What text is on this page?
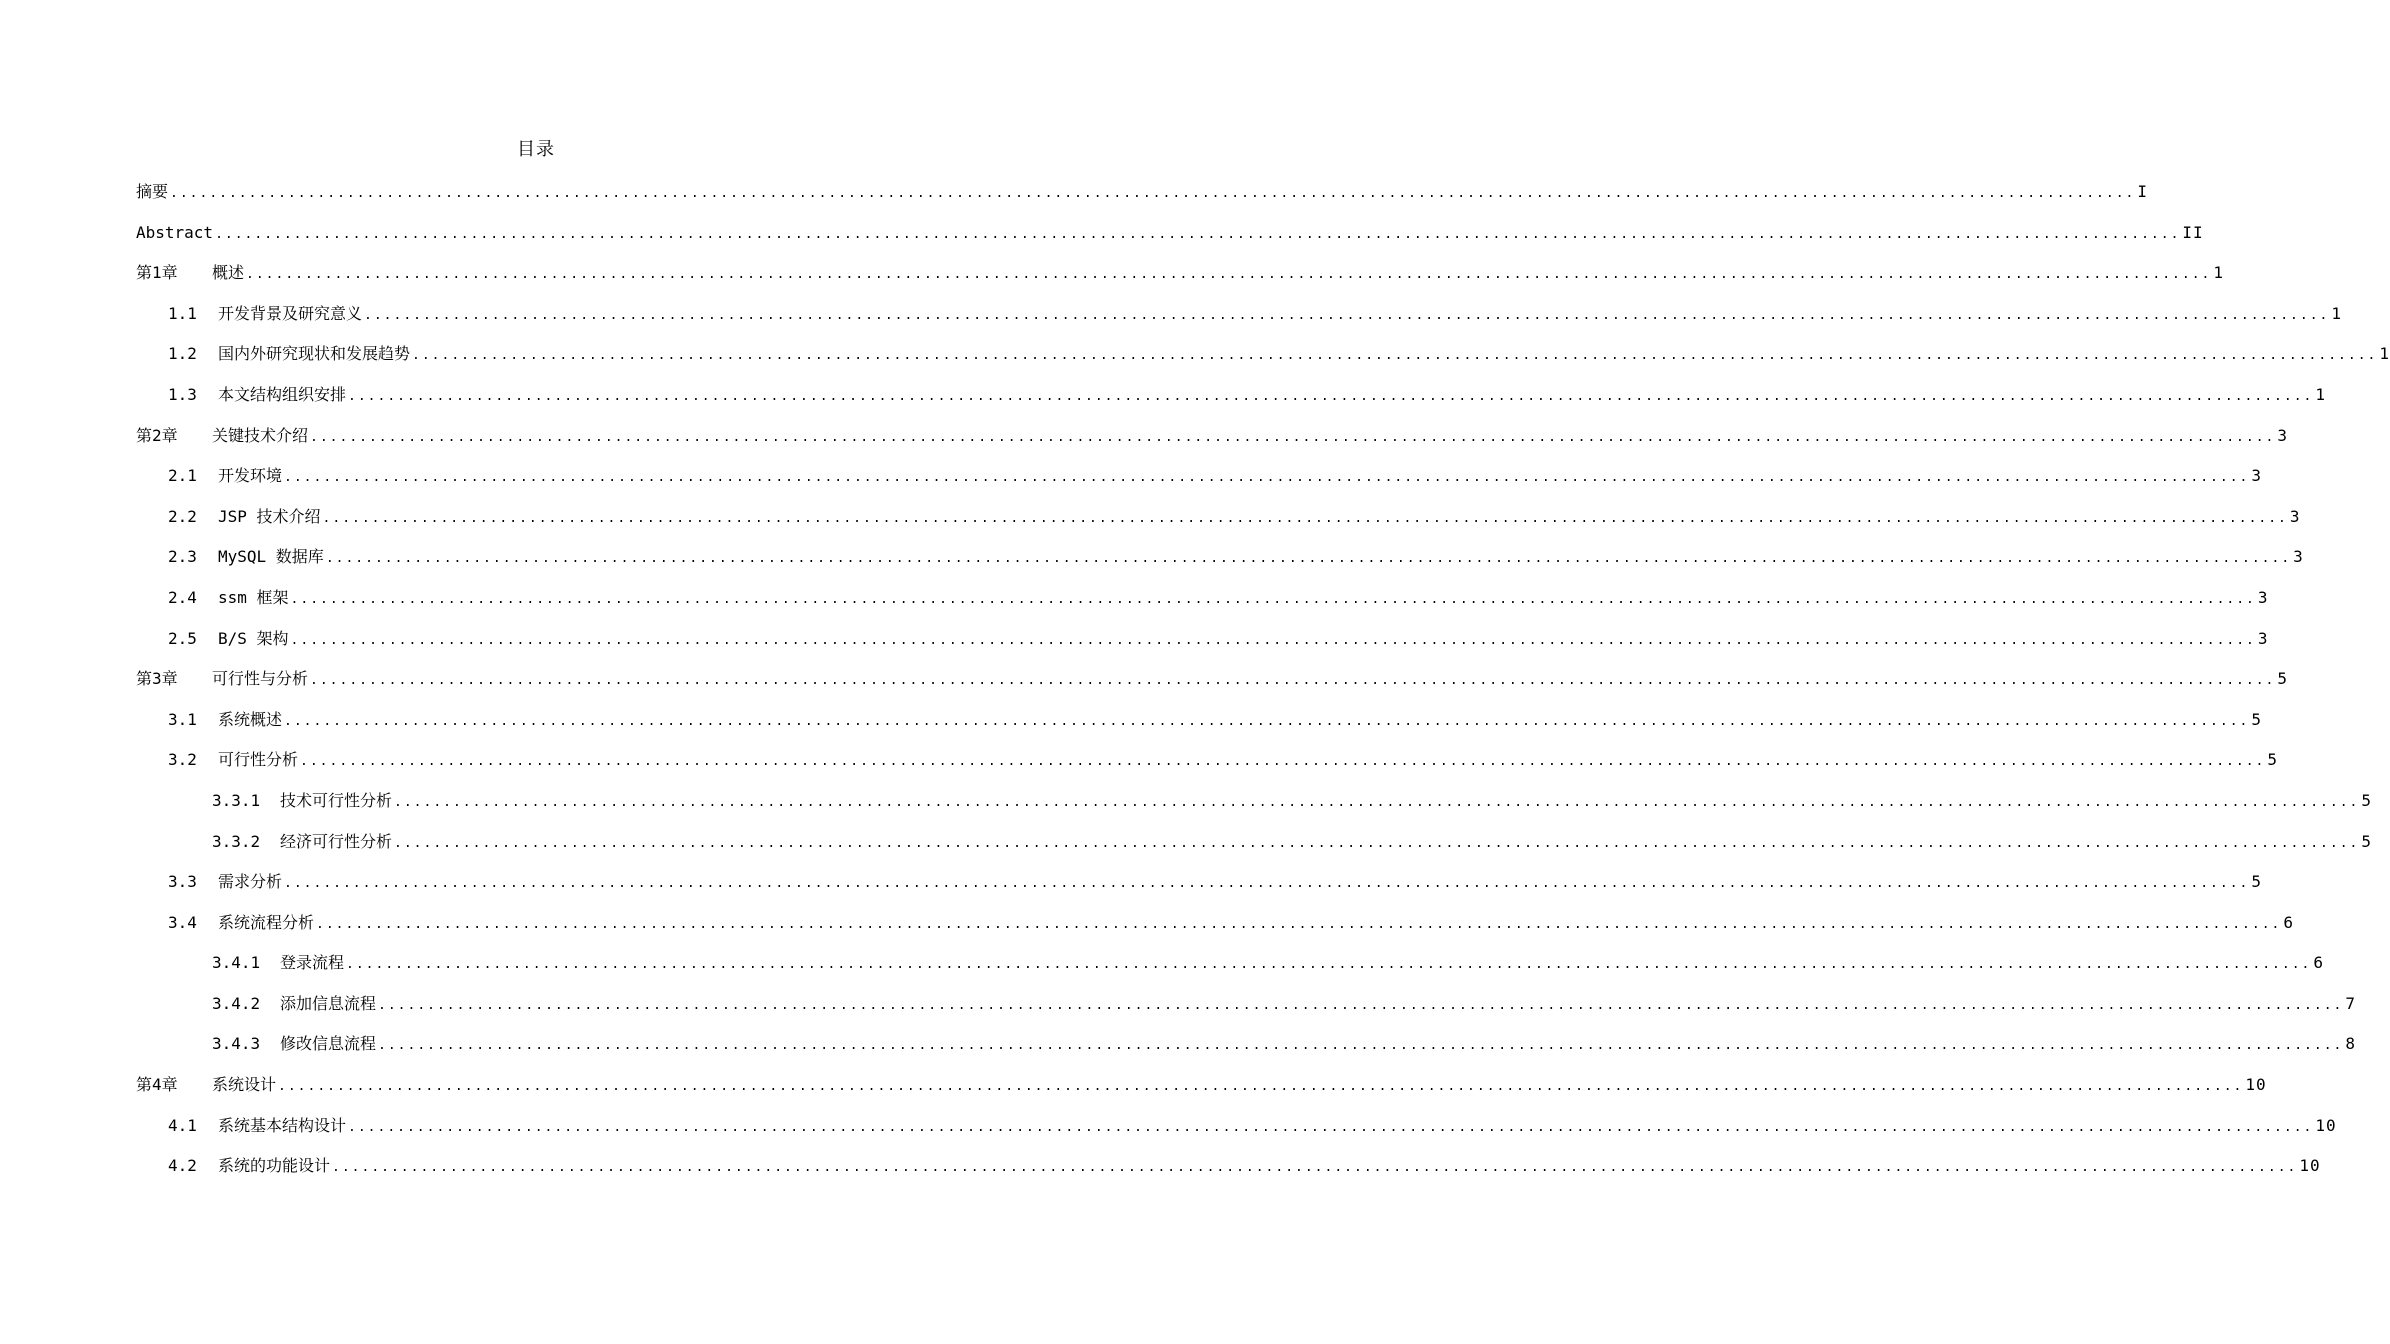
目录
摘要 ........................................................................................................................................................................................................ I
Abstract ........................................................................................................................................................................................................ II
第1章	概述 ........................................................................................................................................................................................................ 1
1.1	开发背景及研究意义 ........................................................................................................................................................................................................ 1
1.2	国内外研究现状和发展趋势 ........................................................................................................................................................................................................ 1
1.3	本文结构组织安排 ........................................................................................................................................................................................................ 1
第2章	关键技术介绍 ........................................................................................................................................................................................................ 3
2.1	开发环境 ........................................................................................................................................................................................................ 3
2.2	JSP 技术介绍 ........................................................................................................................................................................................................ 3
2.3	MySQL 数据库 ........................................................................................................................................................................................................ 3
2.4	ssm 框架 ........................................................................................................................................................................................................ 3
2.5	B/S 架构 ........................................................................................................................................................................................................ 3
第3章	可行性与分析 ........................................................................................................................................................................................................ 5
3.1	系统概述 ........................................................................................................................................................................................................ 5
3.2	可行性分析 ........................................................................................................................................................................................................ 5
3.3.1	技术可行性分析 ........................................................................................................................................................................................................ 5
3.3.2	经济可行性分析 ........................................................................................................................................................................................................ 5
3.3	需求分析 ........................................................................................................................................................................................................ 5
3.4	系统流程分析 ........................................................................................................................................................................................................ 6
3.4.1	登录流程 ........................................................................................................................................................................................................ 6
3.4.2	添加信息流程 ........................................................................................................................................................................................................ 7
3.4.3	修改信息流程 ........................................................................................................................................................................................................ 8
第4章	系统设计 ........................................................................................................................................................................................................ 10
4.1	系统基本结构设计 ........................................................................................................................................................................................................ 10
4.2	系统的功能设计 ........................................................................................................................................................................................................ 10
